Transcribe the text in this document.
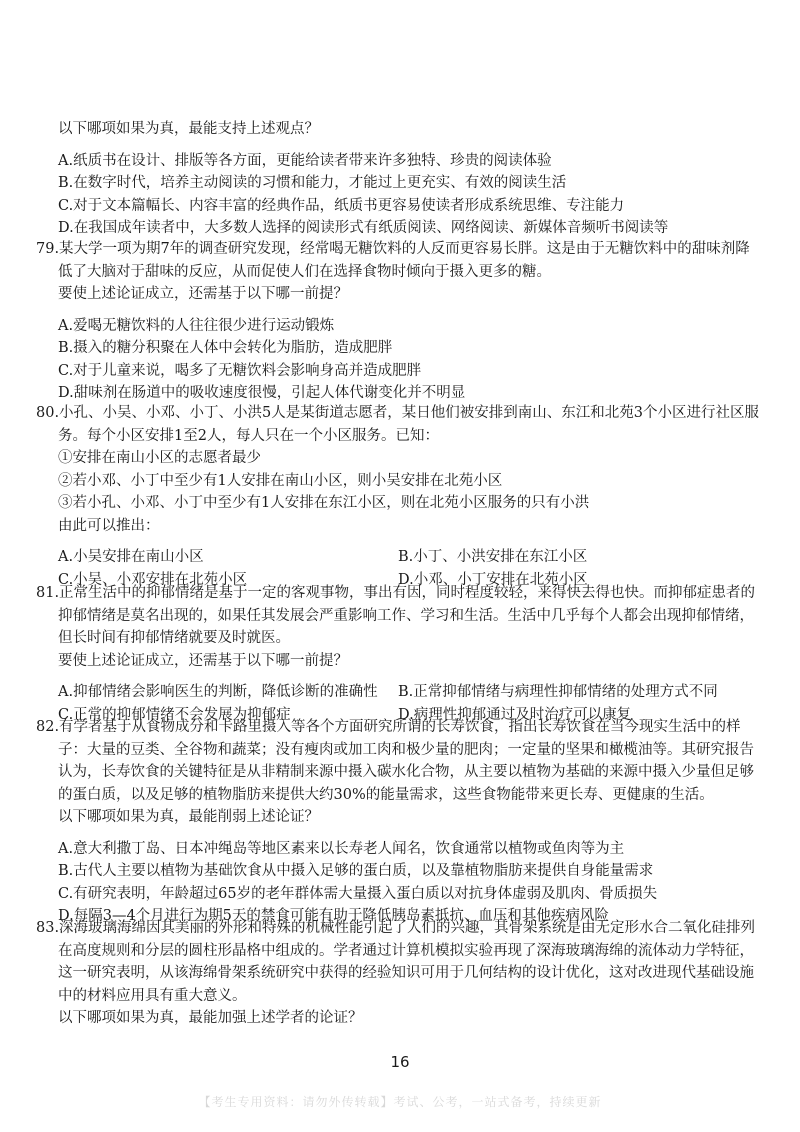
以下哪项如果为真，最能支持上述观点？
A.纸质书在设计、排版等各方面，更能给读者带来许多独特、珍贵的阅读体验
B.在数字时代，培养主动阅读的习惯和能力，才能过上更充实、有效的阅读生活
C.对于文本篇幅长、内容丰富的经典作品，纸质书更容易使读者形成系统思维、专注能力
D.在我国成年读者中，大多数人选择的阅读形式有纸质阅读、网络阅读、新媒体音频听书阅读等
79.某大学一项为期7年的调查研究发现，经常喝无糖饮料的人反而更容易长胖。这是由于无糖饮料中的甜味剂降
低了大脑对于甜味的反应，从而促使人们在选择食物时倾向于摄入更多的糖。
要使上述论证成立，还需基于以下哪一前提？
A.爱喝无糖饮料的人往往很少进行运动锻炼
B.摄入的糖分积聚在人体中会转化为脂肪，造成肥胖
C.对于儿童来说，喝多了无糖饮料会影响身高并造成肥胖
D.甜味剂在肠道中的吸收速度很慢，引起人体代谢变化并不明显
80.小孔、小吴、小邓、小丁、小洪5人是某街道志愿者，某日他们被安排到南山、东江和北苑3个小区进行社区服
务。每个小区安排1至2人，每人只在一个小区服务。已知：
①安排在南山小区的志愿者最少
②若小邓、小丁中至少有1人安排在南山小区，则小吴安排在北苑小区
③若小孔、小邓、小丁中至少有1人安排在东江小区，则在北苑小区服务的只有小洪
由此可以推出：
A.小吴安排在南山小区	B.小丁、小洪安排在东江小区
C.小吴、小邓安排在北苑小区	D.小邓、小丁安排在北苑小区
81.正常生活中的抑郁情绪是基于一定的客观事物，事出有因，同时程度较轻，来得快去得也快。而抑郁症患者的
抑郁情绪是莫名出现的，如果任其发展会严重影响工作、学习和生活。生活中几乎每个人都会出现抑郁情绪，
但长时间有抑郁情绪就要及时就医。
要使上述论证成立，还需基于以下哪一前提？
A.抑郁情绪会影响医生的判断，降低诊断的准确性 B.正常抑郁情绪与病理性抑郁情绪的处理方式不同
C.正常的抑郁情绪不会发展为抑郁症	D.病理性抑郁通过及时治疗可以康复
82.有学者基于从食物成分和卡路里摄入等各个方面研究所谓的长寿饮食，指出长寿饮食在当今现实生活中的样
子：大量的豆类、全谷物和蔬菜；没有瘦肉或加工肉和极少量的肥肉；一定量的坚果和橄榄油等。其研究报告
认为，长寿饮食的关键特征是从非精制来源中摄入碳水化合物，从主要以植物为基础的来源中摄入少量但足够
的蛋白质，以及足够的植物脂肪来提供大约30%的能量需求，这些食物能带来更长寿、更健康的生活。
以下哪项如果为真，最能削弱上述论证？
A.意大利撒丁岛、日本冲绳岛等地区素来以长寿老人闻名，饮食通常以植物或鱼肉等为主
B.古代人主要以植物为基础饮食从中摄入足够的蛋白质，以及靠植物脂肪来提供自身能量需求
C.有研究表明，年龄超过65岁的老年群体需大量摄入蛋白质以对抗身体虚弱及肌肉、骨质损失
D.每隔3—4个月进行为期5天的禁食可能有助于降低胰岛素抵抗、血压和其他疾病风险
83.深海玻璃海绵因其美丽的外形和特殊的机械性能引起了人们的兴趣，其骨架系统是由无定形水合二氧化硅排列
在高度规则和分层的圆柱形晶格中组成的。学者通过计算机模拟实验再现了深海玻璃海绵的流体动力学特征，
这一研究表明，从该海绵骨架系统研究中获得的经验知识可用于几何结构的设计优化，这对改进现代基础设施
中的材料应用具有重大意义。
以下哪项如果为真，最能加强上述学者的论证？
16
【考生专用资料：请勿外传转载】考试、公考，一站式备考，持续更新
